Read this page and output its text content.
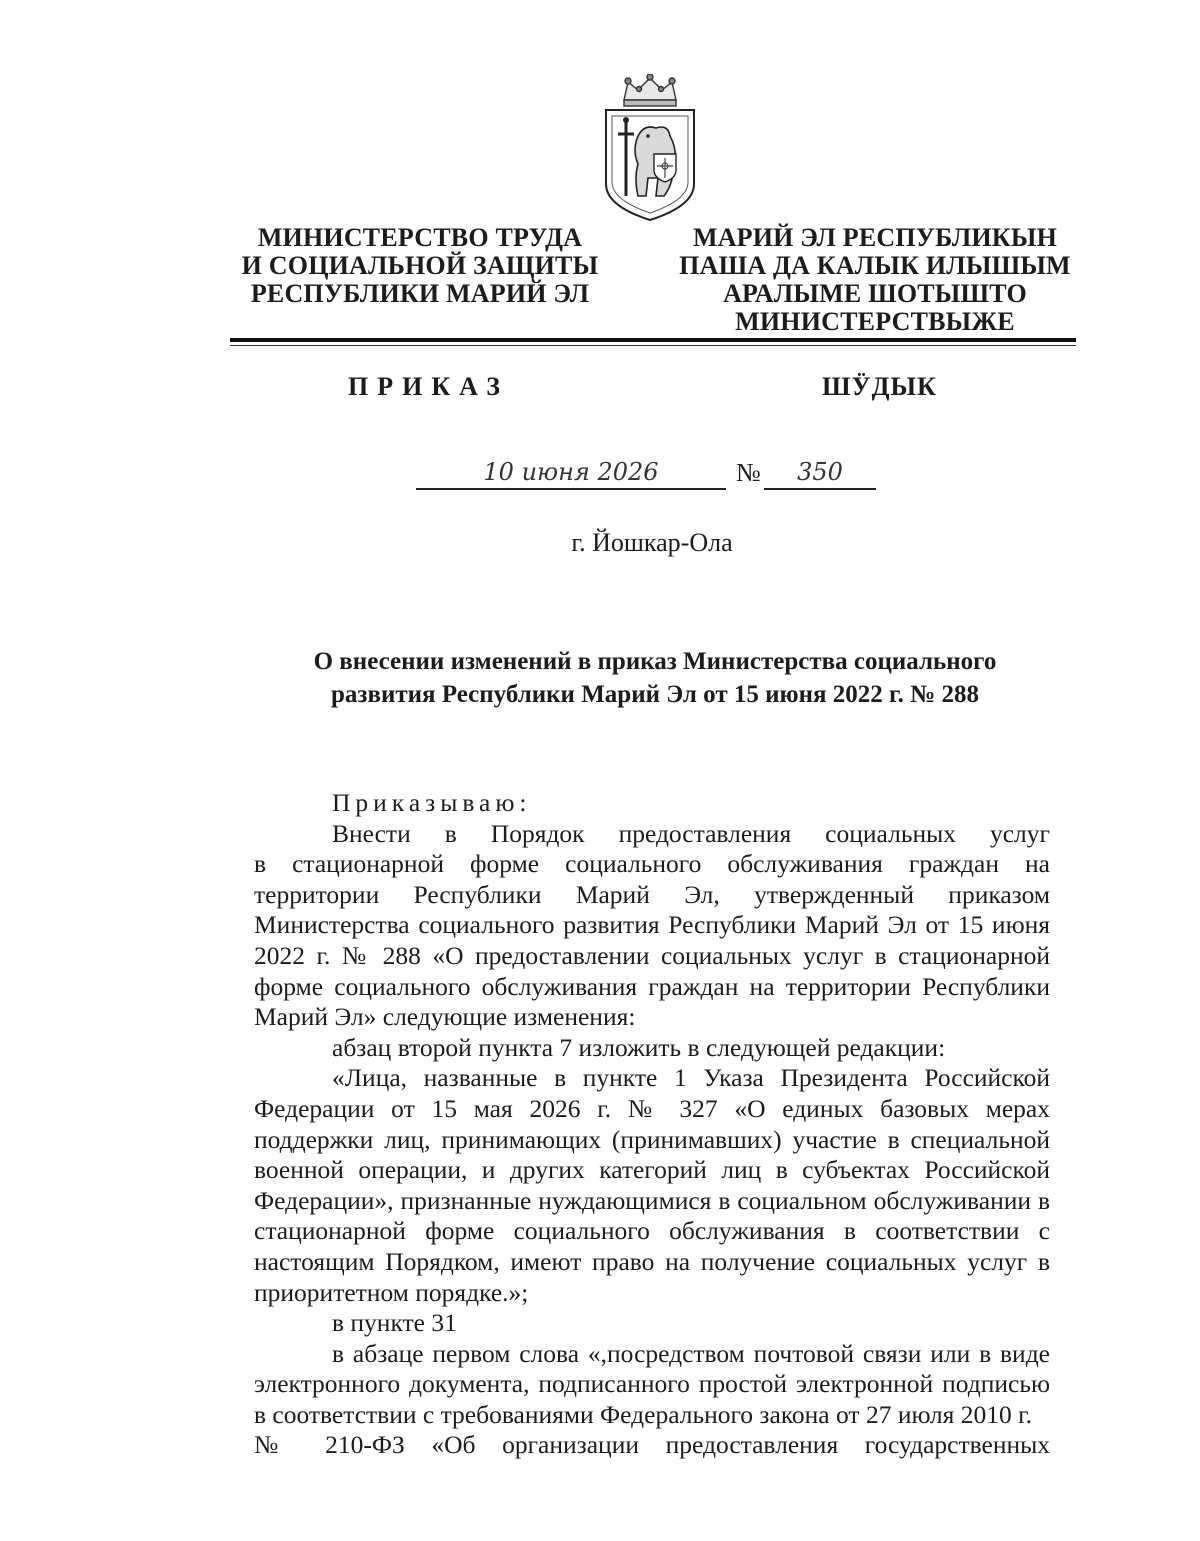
МИНИСТЕРСТВО ТРУДА
И СОЦИАЛЬНОЙ ЗАЩИТЫ
РЕСПУБЛИКИ МАРИЙ ЭЛ
МАРИЙ ЭЛ РЕСПУБЛИКЫН
ПАША ДА КАЛЫК ИЛЫШЫМ
АРАЛЫМЕ ШОТЫШТО
МИНИСТЕРСТВЫЖЕ
ПРИКАЗ	ШӰДЫК
10 июня 2026	№	350
г. Йошкар-Ола
О внесении изменений в приказ Министерства социального
развития Республики Марий Эл от 15 июня 2022 г. № 288

Приказываю:

Внести в Порядок предоставления социальных услуг

в стационарной форме социального обслуживания граждан на территории Республики Марий Эл, утвержденный приказом Министерства социального развития Республики Марий Эл от 15 июня 2022 г. № 288 «О предоставлении социальных услуг в стационарной форме социального обслуживания граждан на территории Республики Марий Эл» следующие изменения:

абзац второй пункта 7 изложить в следующей редакции:

«Лица, названные в пункте 1 Указа Президента Российской Федерации от 15 мая 2026 г. № 327 «О единых базовых мерах поддержки лиц, принимающих (принимавших) участие в специальной военной операции, и других категорий лиц в субъектах Российской Федерации», признанные нуждающимися в социальном обслуживании в стационарной форме социального обслуживания в соответствии с настоящим Порядком, имеют право на получение социальных услуг в приоритетном порядке.»;

в пункте 31

в абзаце первом слова «,посредством почтовой связи или в виде электронного документа, подписанного простой электронной подписью в соответствии с требованиями Федерального закона от 27 июля 2010 г.

№ 210-ФЗ «Об организации предоставления государственных
